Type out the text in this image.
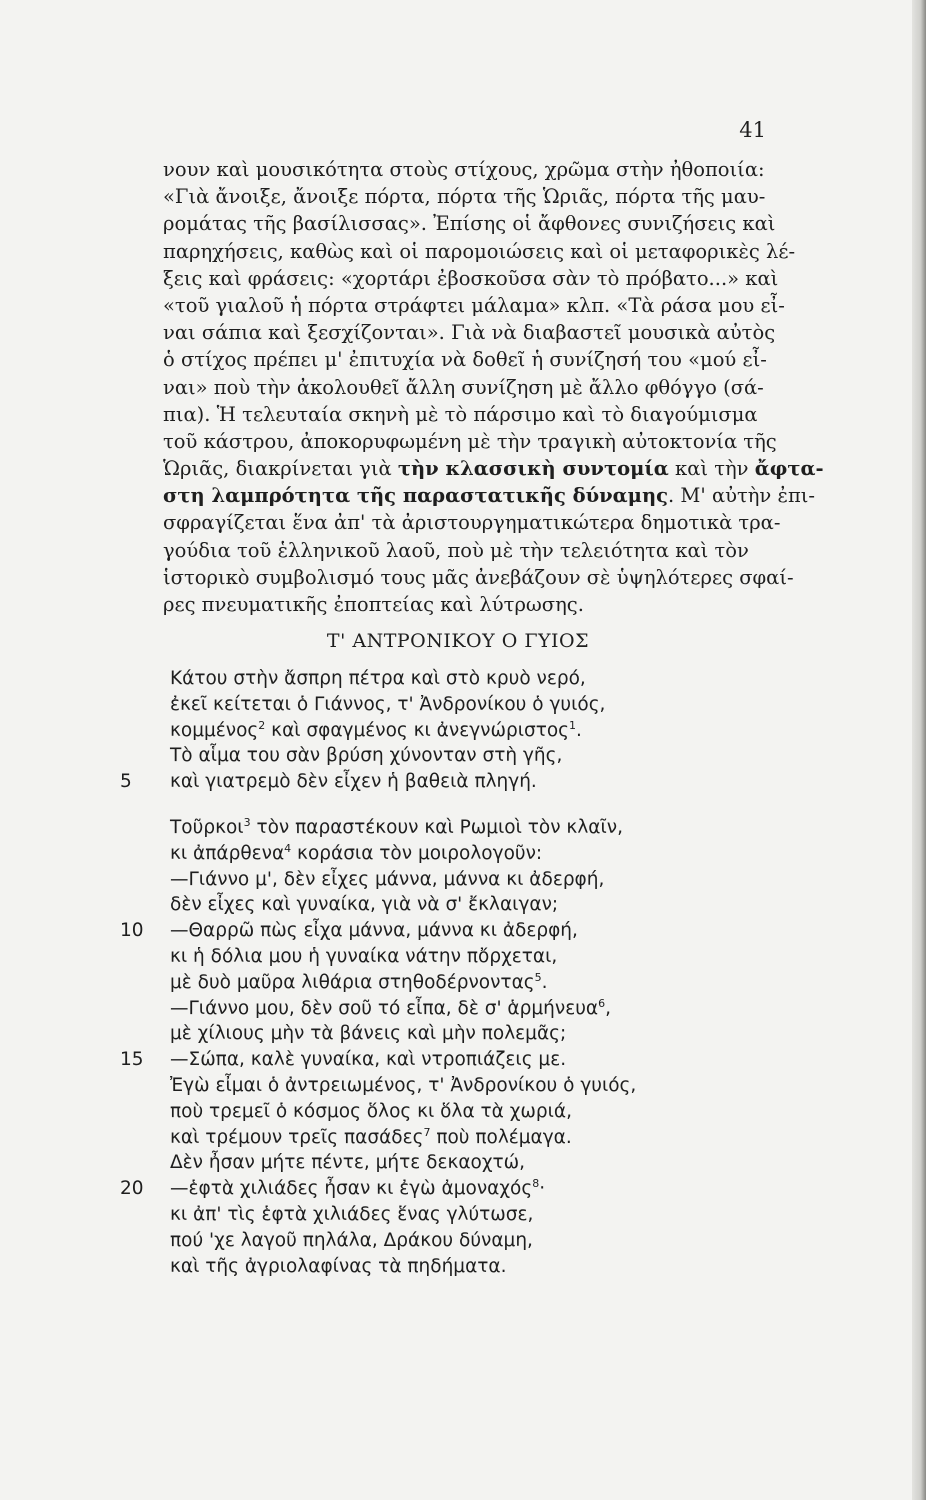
41
νουν καὶ μουσικότητα στοὺς στίχους, χρῶμα στὴν ἠθοποιία:
«Γιὰ ἄνοιξε, ἄνοιξε πόρτα, πόρτα τῆς Ὡριᾶς, πόρτα τῆς μαυ-
ρομάτας τῆς βασίλισσας». Ἐπίσης οἱ ἄφθονες συνιζήσεις καὶ
παρηχήσεις, καθὼς καὶ οἱ παρομοιώσεις καὶ οἱ μεταφορικὲς λέ-
ξεις καὶ φράσεις: «χορτάρι ἐβοσκοῦσα σὰν τὸ πρόβατο...» καὶ
«τοῦ γιαλοῦ ἡ πόρτα στράφτει μάλαμα» κλπ. «Τὰ ράσα μου εἶ-
ναι σάπια καὶ ξεσχίζονται». Γιὰ νὰ διαβαστεῖ μουσικὰ αὐτὸς
ὁ στίχος πρέπει μ' ἐπιτυχία νὰ δοθεῖ ἡ συνίζησή του «μού εἶ-
ναι» ποὺ τὴν ἀκολουθεῖ ἄλλη συνίζηση μὲ ἄλλο φθόγγο (σά-
πια). Ἡ τελευταία σκηνὴ μὲ τὸ πάρσιμο καὶ τὸ διαγούμισμα
τοῦ κάστρου, ἀποκορυφωμένη μὲ τὴν τραγικὴ αὐτοκτονία τῆς
Ὡριᾶς, διακρίνεται γιὰ τὴν κλασσικὴ συντομία καὶ τὴν ἄφτα-
στη λαμπρότητα τῆς παραστατικῆς δύναμης. Μ' αὐτὴν ἐπι-
σφραγίζεται ἕνα ἀπ' τὰ ἀριστουργηματικώτερα δημοτικὰ τρα-
γούδια τοῦ ἑλληνικοῦ λαοῦ, ποὺ μὲ τὴν τελειότητα καὶ τὸν
ἱστορικὸ συμβολισμό τους μᾶς ἀνεβάζουν σὲ ὑψηλότερες σφαί-
ρες πνευματικῆς ἐποπτείας καὶ λύτρωσης.
Τ' ΑΝΤΡΟΝΙΚΟΥ Ο ΓΥΙΟΣ
Κάτου στὴν ἄσπρη πέτρα καὶ στὸ κρυὸ νερό,
ἐκεῖ κείτεται ὁ Γιάννος, τ' Ἀνδρονίκου ὁ γυιός,
κομμένος$^2$ καὶ σφαγμένος κι ἀνεγνώριστος$^1$.
Τὸ αἷμα του σὰν βρύση χύνονταν στὴ γῆς,
5	καὶ γιατρεμὸ δὲν εἶχεν ἡ βαθειὰ πληγή.
Τοῦρκοι$^3$ τὸν παραστέκουν καὶ Ρωμιοὶ τὸν κλαῖν,
κι ἀπάρθενα$^4$ κοράσια τὸν μοιρολογοῦν:
—Γιάννο μ', δὲν εἶχες μάννα, μάννα κι ἀδερφή,
δὲν εἶχες καὶ γυναίκα, γιὰ νὰ σ' ἔκλαιγαν;
10	—Θαρρῶ πὼς εἶχα μάννα, μάννα κι ἀδερφή,
κι ἡ δόλια μου ἡ γυναίκα νάτην πὄρχεται,
μὲ δυὸ μαῦρα λιθάρια στηθοδέρνοντας$^5$.
—Γιάννο μου, δὲν σοῦ τό εἶπα, δὲ σ' ἁρμήνευα$^6$,
μὲ χίλιους μὴν τὰ βάνεις καὶ μὴν πολεμᾶς;
15	—Σώπα, καλὲ γυναίκα, καὶ ντροπιάζεις με.
Ἐγὼ εἶμαι ὁ ἀντρειωμένος, τ' Ἀνδρονίκου ὁ γυιός,
ποὺ τρεμεῖ ὁ κόσμος ὅλος κι ὅλα τὰ χωριά,
καὶ τρέμουν τρεῖς πασάδες$^7$ ποὺ πολέμαγα.
Δὲν ἦσαν μήτε πέντε, μήτε δεκαοχτώ,
20	—ἑφτὰ χιλιάδες ἦσαν κι ἐγὼ ἀμοναχός$^8$·
κι ἀπ' τὶς ἑφτὰ χιλιάδες ἕνας γλύτωσε,
πού 'χε λαγοῦ πηλάλα, Δράκου δύναμη,
καὶ τῆς ἀγριολαφίνας τὰ πηδήματα.
